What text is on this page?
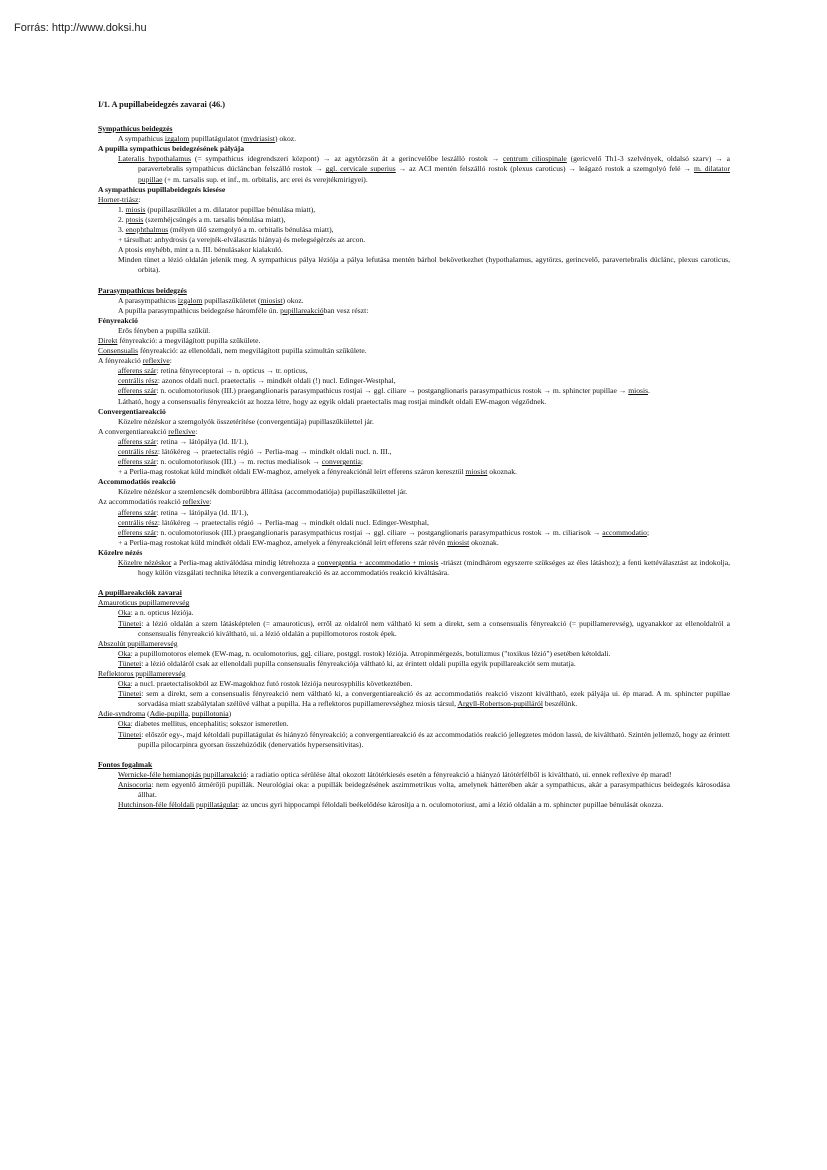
Forrás: http://www.doksi.hu

I/1. A pupillabeidegzés zavarai (46.)

Sympathicus beidegzés

A sympathicus izgalom pupillatágulatot (mydriasist) okoz.

A pupilla sympathicus beidegzésének pályája

Lateralis hypothalamus (= sympathicus idegrendszeri központ) → az agytörzsön át a gerincvelőbe leszálló rostok → centrum ciliospinale (gericvelő Th1-3 szelvények, oldalsó szarv) → a paravertebralis sympathicus dúcláncban felszálló rostok → ggl. cervicale superius → az ACI mentén felszálló rostok (plexus caroticus) → leágazó rostok a szemgolyó felé → m. dilatator pupillae (+ m. tarsalis sup. et inf., m. orbitalis, arc erei és verejtékmirigyei).

A sympathicus pupillabeidegzés kiesése

Horner-triász:

1. miosis (pupillaszűkület a m. dilatator pupillae bénulása miatt),

2. ptosis (szemhéjcsüngés a m. tarsalis bénulása miatt),

3. enophthalmus (mélyen ülő szemgolyó a m. orbitalis bénulása miatt),

+ társulhat: anhydrosis (a verejték-elválasztás hiánya) és melegségérzés az arcon.

A ptosis enyhébb, mint a n. III. bénulásakor kialakuló.

Minden tünet a lézió oldalán jelenik meg. A sympathicus pálya léziója a pálya lefutása mentén bárhol bekövetkezhet (hypothalamus, agytörzs, gerincvelő, paravertebralis dúclánc, plexus caroticus, orbita).

Parasympathicus beidegzés

A parasympathicus izgalom pupillaszűkületet (miosist) okoz.

A pupilla parasympathicus beidegzése háromféle ún. pupillareakcióban vesz részt:

Fényreakció

Erős fényben a pupilla szűkül.

Direkt fényreakció: a megvilágított pupilla szűkülete.

Consensualis fényreakció: az ellenoldali, nem megvilágított pupilla szimultán szűkülete.

A fényreakció reflexíve:

afferens szár: retina fényreceptorai → n. opticus → tr. opticus,

centrális rész: azonos oldali nucl. praetectalis → mindkét oldali (!) nucl. Edinger-Westphal,

efferens szár: n. oculomotoriusok (III.) praeganglionaris parasympathicus rostjai → ggl. ciliare → postganglionaris parasympathicus rostok → m. sphincter pupillae → miosis.

Látható, hogy a consensualis fényreakciót az hozza létre, hogy az egyik oldali praetectalis mag rostjai mindkét oldali EW-magon végződnek.

Convergentiareakció

Közelre nézéskor a szemgolyók összetérítése (convergentiája) pupillaszűkülettel jár.

A convergentiareakció reflexíve:

afferens szár: retina → látópálya (ld. II/1.),

centrális rész: látókéreg → praetectalis régió → Perlia-mag → mindkét oldali nucl. n. III.,

efferens szár: n. oculomotoriusok (III.) → m. rectus medialisok → convergentia;

+ a Perlia-mag rostokat küld mindkét oldali EW-maghoz, amelyek a fényreakciónál leírt efferens száron keresztül miosist okoznak.

Accommodatiós reakció

Közelre nézéskor a szemlencsék domborúbbra állítása (accommodatiója) pupillaszűkülettel jár.

Az accommodatiós reakció reflexíve:

afferens szár: retina → látópálya (ld. II/1.),

centrális rész: látókéreg → praetectalis régió → Perlia-mag → mindkét oldali nucl. Edinger-Westphal,

efferens szár: n. oculomotoriusok (III.) praeganglionaris parasympathicus rostjai → ggl. ciliare → postganglionaris parasympathicus rostok → m. ciliarisok → accommodatio;

+ a Perlia-mag rostokat küld mindkét oldali EW-maghoz, amelyek a fényreakciónál leírt efferens szár révén miosist okoznak.

Közelre nézés

Közelre nézéskor a Perlia-mag aktiválódása mindig létrehozza a convergentia + accommodatio + miosis -triászt (mindhárom egyszerre szükséges az éles látáshoz); a fenti kettéválasztást az indokolja, hogy külön vizsgálati technika létezik a convergentiareakció és az accommodatiós reakció kiváltására.

A pupillareakciók zavarai

Amauroticus pupillamerevség

Oka: a n. opticus léziója.

Tünetei: a lézió oldalán a szem látásképtelen (= amauroticus), erről az oldalról nem váltható ki sem a direkt, sem a consensualis fényreakció (= pupillamerevség), ugyanakkor az ellenoldalról a consensualis fényreakció kiváltható, ui. a lézió oldalán a pupillomotoros rostok épek.

Abszolút pupillamerevség

Oka: a pupillomotoros elemek (EW-mag, n. oculomotorius, ggl. ciliare, postggl. rostok) léziója. Atropinmérgezés, botulizmus ("toxikus lézió") esetében kétoldali.

Tünetei: a lézió oldaláról csak az ellenoldali pupilla consensualis fényreakciója váltható ki, az érintett oldali pupilla egyik pupillareakciót sem mutatja.

Reflektoros pupillamerevség

Oka: a nucl. praetectalisokból az EW-magokhoz futó rostok léziója neurosyphilis következtében.

Tünetei: sem a direkt, sem a consensualis fényreakció nem váltható ki, a convergentiareakció és az accommodatiós reakció viszont kiváltható, ezek pályája ui. ép marad. A m. sphincter pupillae sorvadása miatt szabálytalan szélűvé válhat a pupilla. Ha a reflektoros pupillamerevséghez miosis társul, Argyll-Robertson-pupilláról beszélünk.

Adie-syndroma (Adie-pupilla, pupillotonia)

Oka: diabetes mellitus, encephalitis; sokszor ismeretlen.

Tünetei: először egy-, majd kétoldali pupillatágulat és hiányzó fényreakció; a convergentiareakció és az accommodatiós reakció jellegzetes módon lassú, de kiváltható. Szintén jellemző, hogy az érintett pupilla pilocarpinra gyorsan összehúzódik (denervatiós hypersensitivitas).

Fontos fogalmak

Wernicke-féle hemianopiás pupillareakció: a radiatio optica sérülése által okozott látótérkiesés esetén a fényreakció a hiányzó látótérfélből is kiváltható, ui. ennek reflexíve ép marad!

Anisocoria: nem egyenlő átmérőjű pupillák. Neurológiai oka: a pupillák beidegzésének aszimmetrikus volta, amelynek hátterében akár a sympathicus, akár a parasympathicus beidegzés károsodása állhat.

Hutchinson-féle féloldali pupillatágulat: az uncus gyri hippocampi féloldali beékelődése károsítja a n. oculomotoriust, ami a lézió oldalán a m. sphincter pupillae bénulását okozza.
